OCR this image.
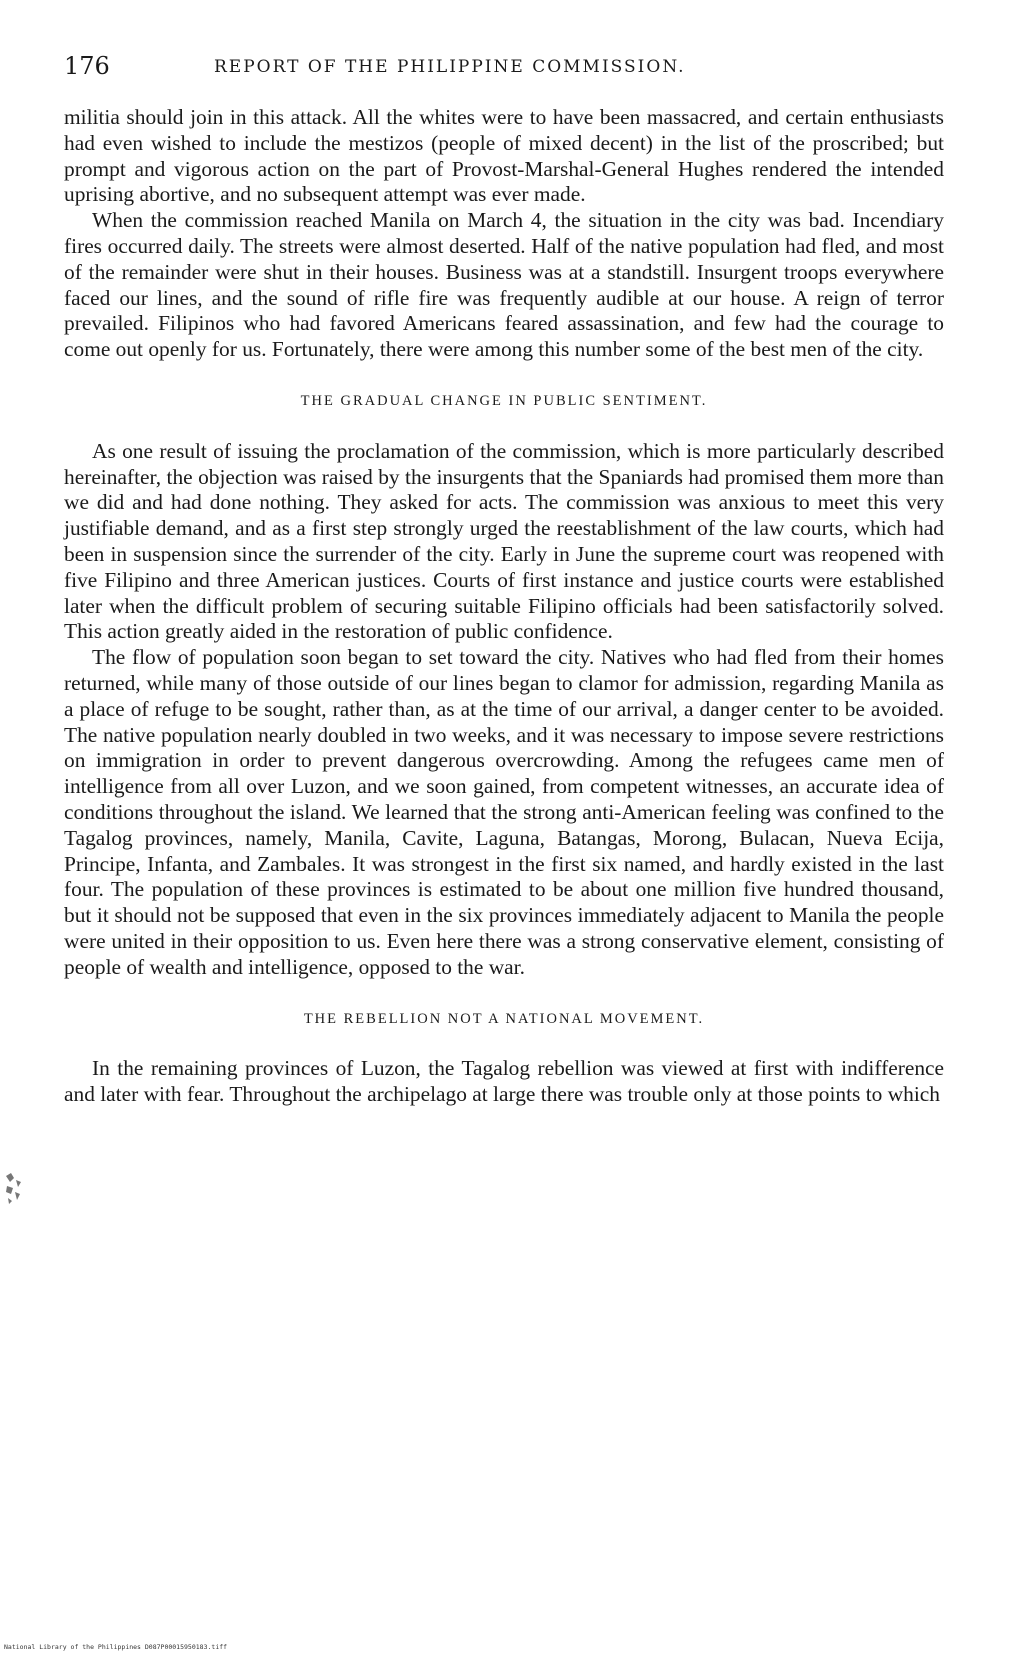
176	REPORT OF THE PHILIPPINE COMMISSION.

militia should join in this attack. All the whites were to have been massacred, and certain enthusiasts had even wished to include the mestizos (people of mixed decent) in the list of the proscribed; but prompt and vigorous action on the part of Provost-Marshal-General Hughes rendered the intended uprising abortive, and no subsequent attempt was ever made.

When the commission reached Manila on March 4, the situation in the city was bad. Incendiary fires occurred daily. The streets were almost deserted. Half of the native population had fled, and most of the remainder were shut in their houses. Business was at a standstill. Insurgent troops everywhere faced our lines, and the sound of rifle fire was frequently audible at our house. A reign of terror prevailed. Filipinos who had favored Americans feared assassination, and few had the courage to come out openly for us. Fortunately, there were among this number some of the best men of the city.

THE GRADUAL CHANGE IN PUBLIC SENTIMENT.

As one result of issuing the proclamation of the commission, which is more particularly described hereinafter, the objection was raised by the insurgents that the Spaniards had promised them more than we did and had done nothing. They asked for acts. The commission was anxious to meet this very justifiable demand, and as a first step strongly urged the reestablishment of the law courts, which had been in suspension since the surrender of the city. Early in June the supreme court was reopened with five Filipino and three American justices. Courts of first instance and justice courts were established later when the difficult problem of securing suitable Filipino officials had been satisfactorily solved. This action greatly aided in the restoration of public confidence.

The flow of population soon began to set toward the city. Natives who had fled from their homes returned, while many of those outside of our lines began to clamor for admission, regarding Manila as a place of refuge to be sought, rather than, as at the time of our arrival, a danger center to be avoided. The native population nearly doubled in two weeks, and it was necessary to impose severe restrictions on immigration in order to prevent dangerous overcrowding. Among the refugees came men of intelligence from all over Luzon, and we soon gained, from competent witnesses, an accurate idea of conditions throughout the island. We learned that the strong anti-American feeling was confined to the Tagalog provinces, namely, Manila, Cavite, Laguna, Batangas, Morong, Bulacan, Nueva Ecija, Principe, Infanta, and Zambales. It was strongest in the first six named, and hardly existed in the last four. The population of these provinces is estimated to be about one million five hundred thousand, but it should not be supposed that even in the six provinces immediately adjacent to Manila the people were united in their opposition to us. Even here there was a strong conservative element, consisting of people of wealth and intelligence, opposed to the war.

THE REBELLION NOT A NATIONAL MOVEMENT.

In the remaining provinces of Luzon, the Tagalog rebellion was viewed at first with indifference and later with fear. Throughout the archipelago at large there was trouble only at those points to which

National Library of the Philippines D087P00015950183.tiff
